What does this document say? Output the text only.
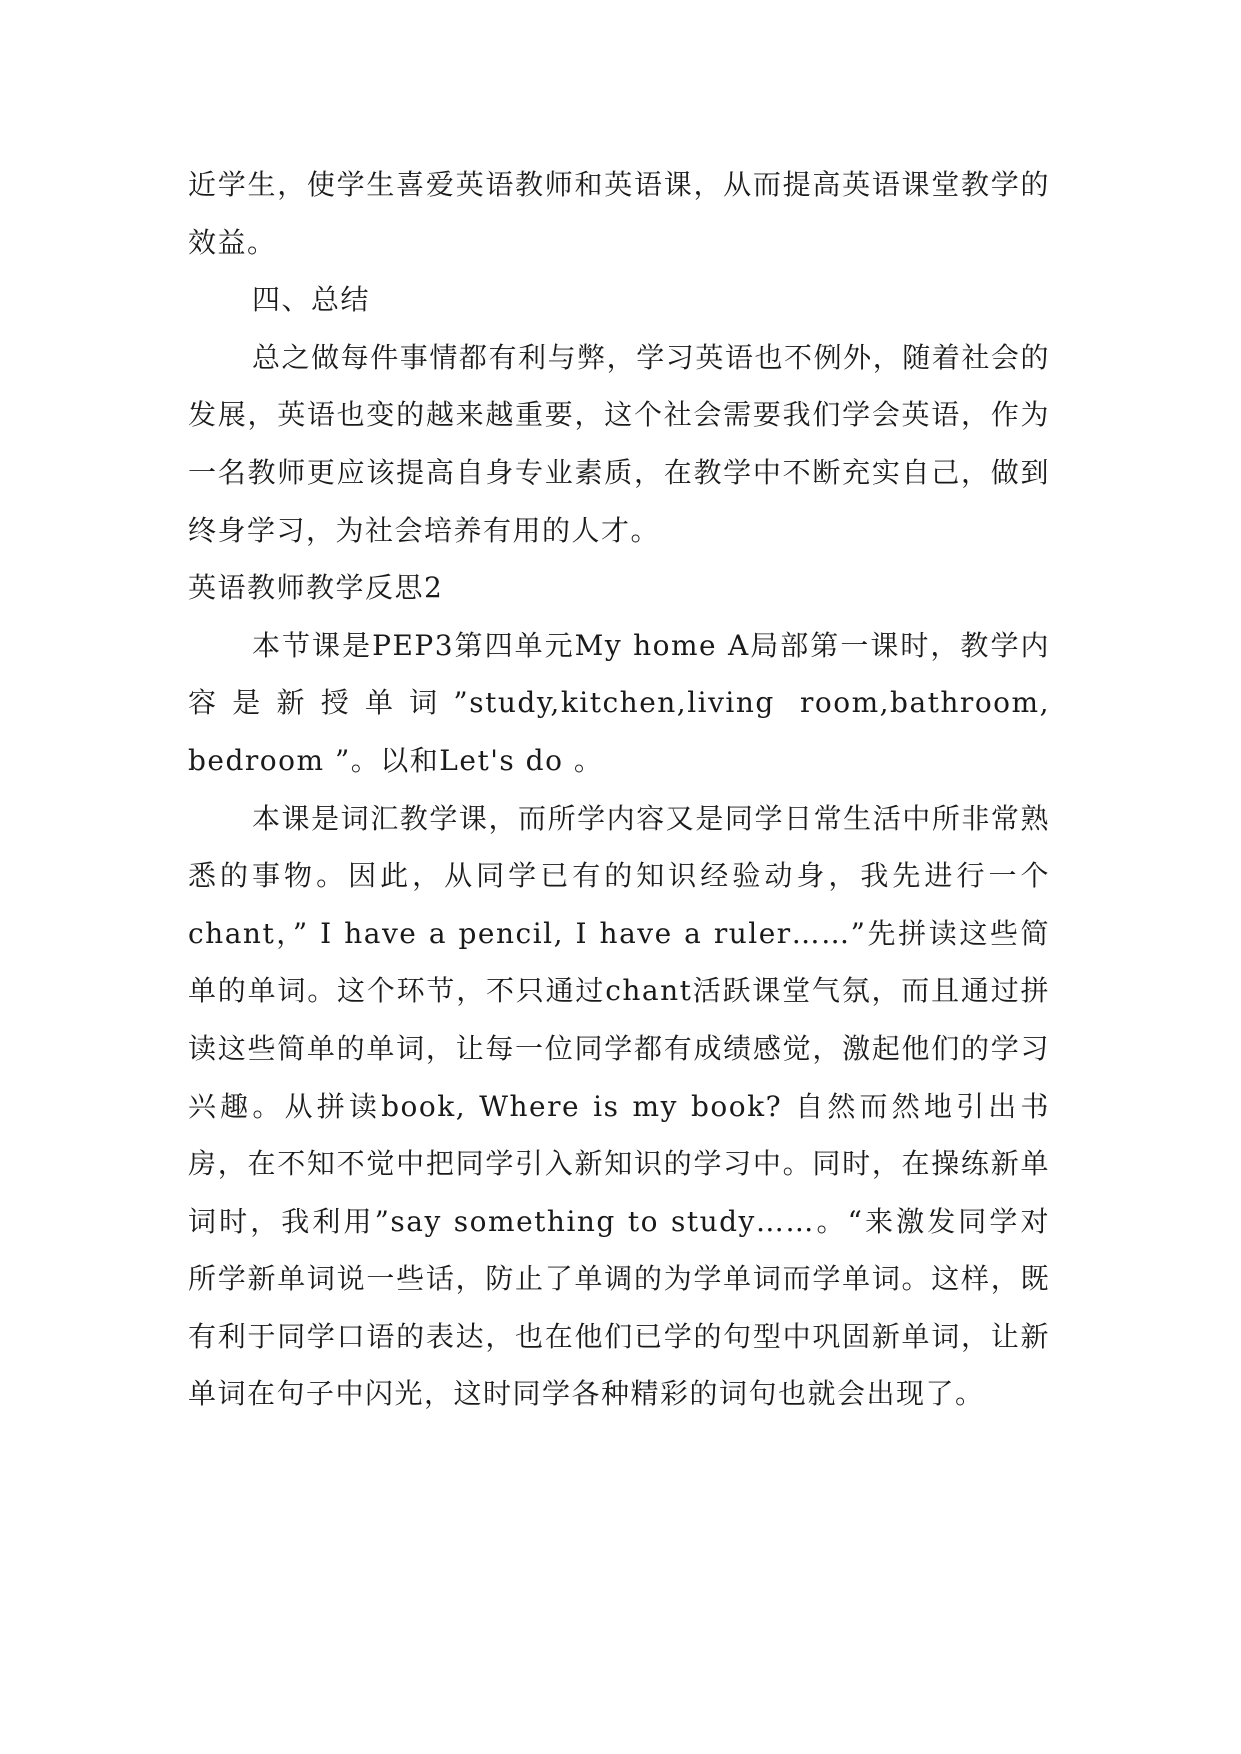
近学生，使学生喜爱英语教师和英语课，从而提高英语课堂教学的效益。

四、总结

总之做每件事情都有利与弊，学习英语也不例外，随着社会的发展，英语也变的越来越重要，这个社会需要我们学会英语，作为一名教师更应该提高自身专业素质，在教学中不断充实自己，做到终身学习，为社会培养有用的人才。

英语教师教学反思2

本节课是PEP3第四单元My home A局部第一课时，教学内容是新授单词”study,kitchen,living room,bathroom, bedroom ”。以和Let's do 。

本课是词汇教学课，而所学内容又是同学日常生活中所非常熟悉的事物。因此，从同学已有的知识经验动身，我先进行一个chant，” I have a pencil, I have a ruler……”先拼读这些简单的单词。这个环节，不只通过chant活跃课堂气氛，而且通过拼读这些简单的单词，让每一位同学都有成绩感觉，激起他们的学习兴趣。从拼读book, Where is my book? 自然而然地引出书房，在不知不觉中把同学引入新知识的学习中。同时，在操练新单词时，我利用”say something to study……。“来激发同学对所学新单词说一些话，防止了单调的为学单词而学单词。这样，既有利于同学口语的表达，也在他们已学的句型中巩固新单词，让新单词在句子中闪光，这时同学各种精彩的词句也就会出现了。
